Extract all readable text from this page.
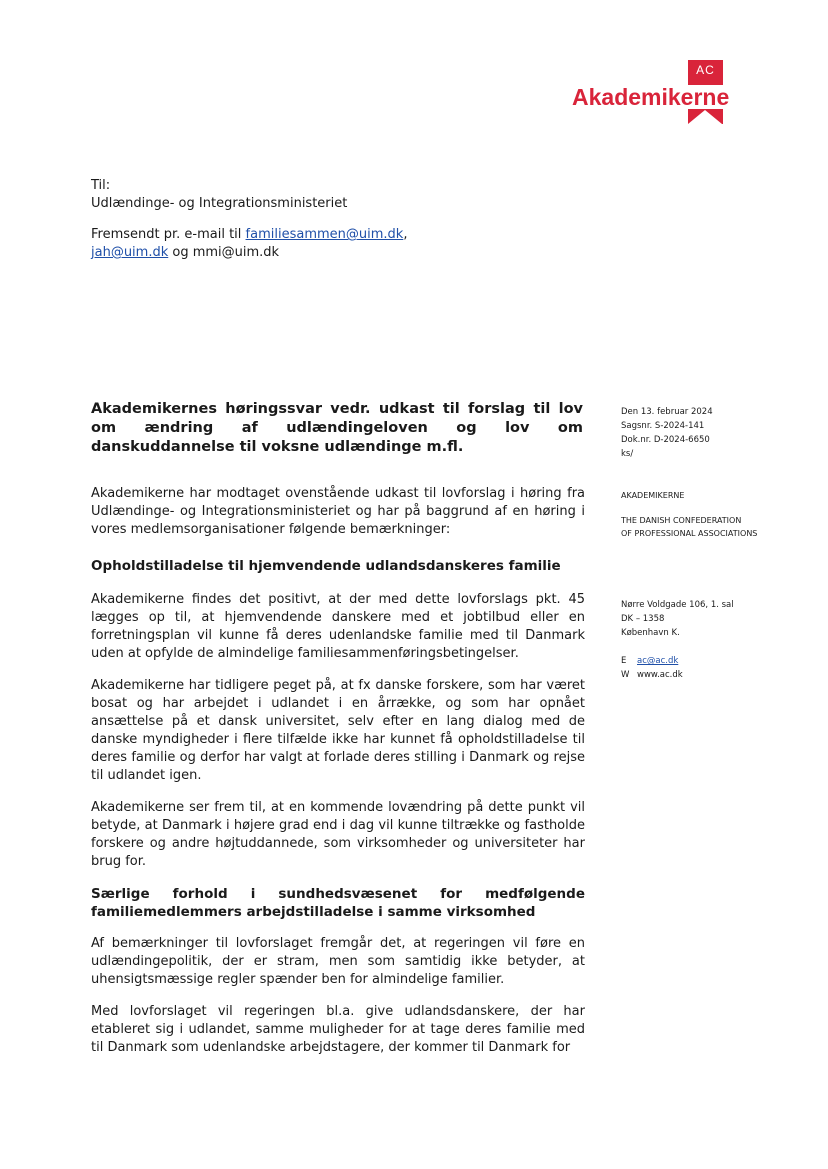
AC
Akademikerne
Til:
Udlændinge- og Integrationsministeriet
Fremsendt pr. e-mail til familiesammen@uim.dk,
jah@uim.dk og mmi@uim.dk
Akademikernes høringssvar vedr. udkast til forslag til lov om ændring af udlændingeloven og lov om danskuddannelse til voksne udlændinge m.fl.
Den 13. februar 2024
Sagsnr. S-2024-141
Dok.nr. D-2024-6650
ks/
AKADEMIKERNE
THE DANISH CONFEDERATION
OF PROFESSIONAL ASSOCIATIONS
Nørre Voldgade 106, 1. sal
DK – 1358
København K.
E ac@ac.dk
W www.ac.dk

Akademikerne har modtaget ovenstående udkast til lovforslag i høring fra Udlændinge- og Integrationsministeriet og har på baggrund af en høring i vores medlemsorganisationer følgende bemærkninger:

Opholdstilladelse til hjemvendende udlandsdanskeres familie

Akademikerne findes det positivt, at der med dette lovforslags pkt. 45 lægges op til, at hjemvendende danskere med et jobtilbud eller en forretningsplan vil kunne få deres udenlandske familie med til Danmark uden at opfylde de almindelige familiesammenføringsbetingelser.

Akademikerne har tidligere peget på, at fx danske forskere, som har været bosat og har arbejdet i udlandet i en årrække, og som har opnået ansættelse på et dansk universitet, selv efter en lang dialog med de danske myndigheder i flere tilfælde ikke har kunnet få opholdstilladelse til deres familie og derfor har valgt at forlade deres stilling i Danmark og rejse til udlandet igen.

Akademikerne ser frem til, at en kommende lovændring på dette punkt vil betyde, at Danmark i højere grad end i dag vil kunne tiltrække og fastholde forskere og andre højtuddannede, som virksomheder og universiteter har brug for.

Særlige forhold i sundhedsvæsenet for medfølgende familiemedlemmers arbejdstilladelse i samme virksomhed

Af bemærkninger til lovforslaget fremgår det, at regeringen vil føre en udlændingepolitik, der er stram, men som samtidig ikke betyder, at uhensigtsmæssige regler spænder ben for almindelige familier.

Med lovforslaget vil regeringen bl.a. give udlandsdanskere, der har etableret sig i udlandet, samme muligheder for at tage deres familie med til Danmark som udenlandske arbejdstagere, der kommer til Danmark for
